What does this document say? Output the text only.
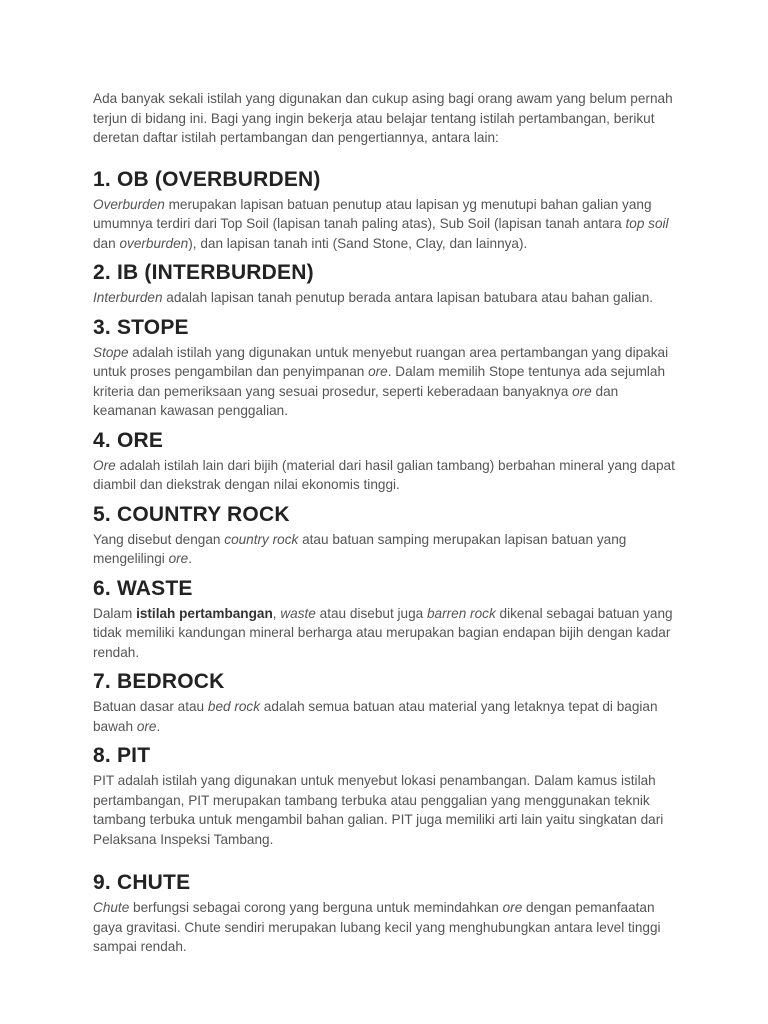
Ada banyak sekali istilah yang digunakan dan cukup asing bagi orang awam yang belum pernah terjun di bidang ini. Bagi yang ingin bekerja atau belajar tentang istilah pertambangan, berikut deretan daftar istilah pertambangan dan pengertiannya, antara lain:

1. OB (OVERBURDEN)

Overburden merupakan lapisan batuan penutup atau lapisan yg menutupi bahan galian yang umumnya terdiri dari Top Soil (lapisan tanah paling atas), Sub Soil (lapisan tanah antara top soil dan overburden), dan lapisan tanah inti (Sand Stone, Clay, dan lainnya).

2. IB (INTERBURDEN)

Interburden adalah lapisan tanah penutup berada antara lapisan batubara atau bahan galian.

3. STOPE

Stope adalah istilah yang digunakan untuk menyebut ruangan area pertambangan yang dipakai untuk proses pengambilan dan penyimpanan ore. Dalam memilih Stope tentunya ada sejumlah kriteria dan pemeriksaan yang sesuai prosedur, seperti keberadaan banyaknya ore dan keamanan kawasan penggalian.

4. ORE

Ore adalah istilah lain dari bijih (material dari hasil galian tambang) berbahan mineral yang dapat diambil dan diekstrak dengan nilai ekonomis tinggi.

5. COUNTRY ROCK

Yang disebut dengan country rock atau batuan samping merupakan lapisan batuan yang mengelilingi ore.

6. WASTE

Dalam istilah pertambangan, waste atau disebut juga barren rock dikenal sebagai batuan yang tidak memiliki kandungan mineral berharga atau merupakan bagian endapan bijih dengan kadar rendah.

7. BEDROCK

Batuan dasar atau bed rock adalah semua batuan atau material yang letaknya tepat di bagian bawah ore.

8. PIT

PIT adalah istilah yang digunakan untuk menyebut lokasi penambangan. Dalam kamus istilah pertambangan, PIT merupakan tambang terbuka atau penggalian yang menggunakan teknik tambang terbuka untuk mengambil bahan galian. PIT juga memiliki arti lain yaitu singkatan dari Pelaksana Inspeksi Tambang.

9. CHUTE

Chute berfungsi sebagai corong yang berguna untuk memindahkan ore dengan pemanfaatan gaya gravitasi. Chute sendiri merupakan lubang kecil yang menghubungkan antara level tinggi sampai rendah.
